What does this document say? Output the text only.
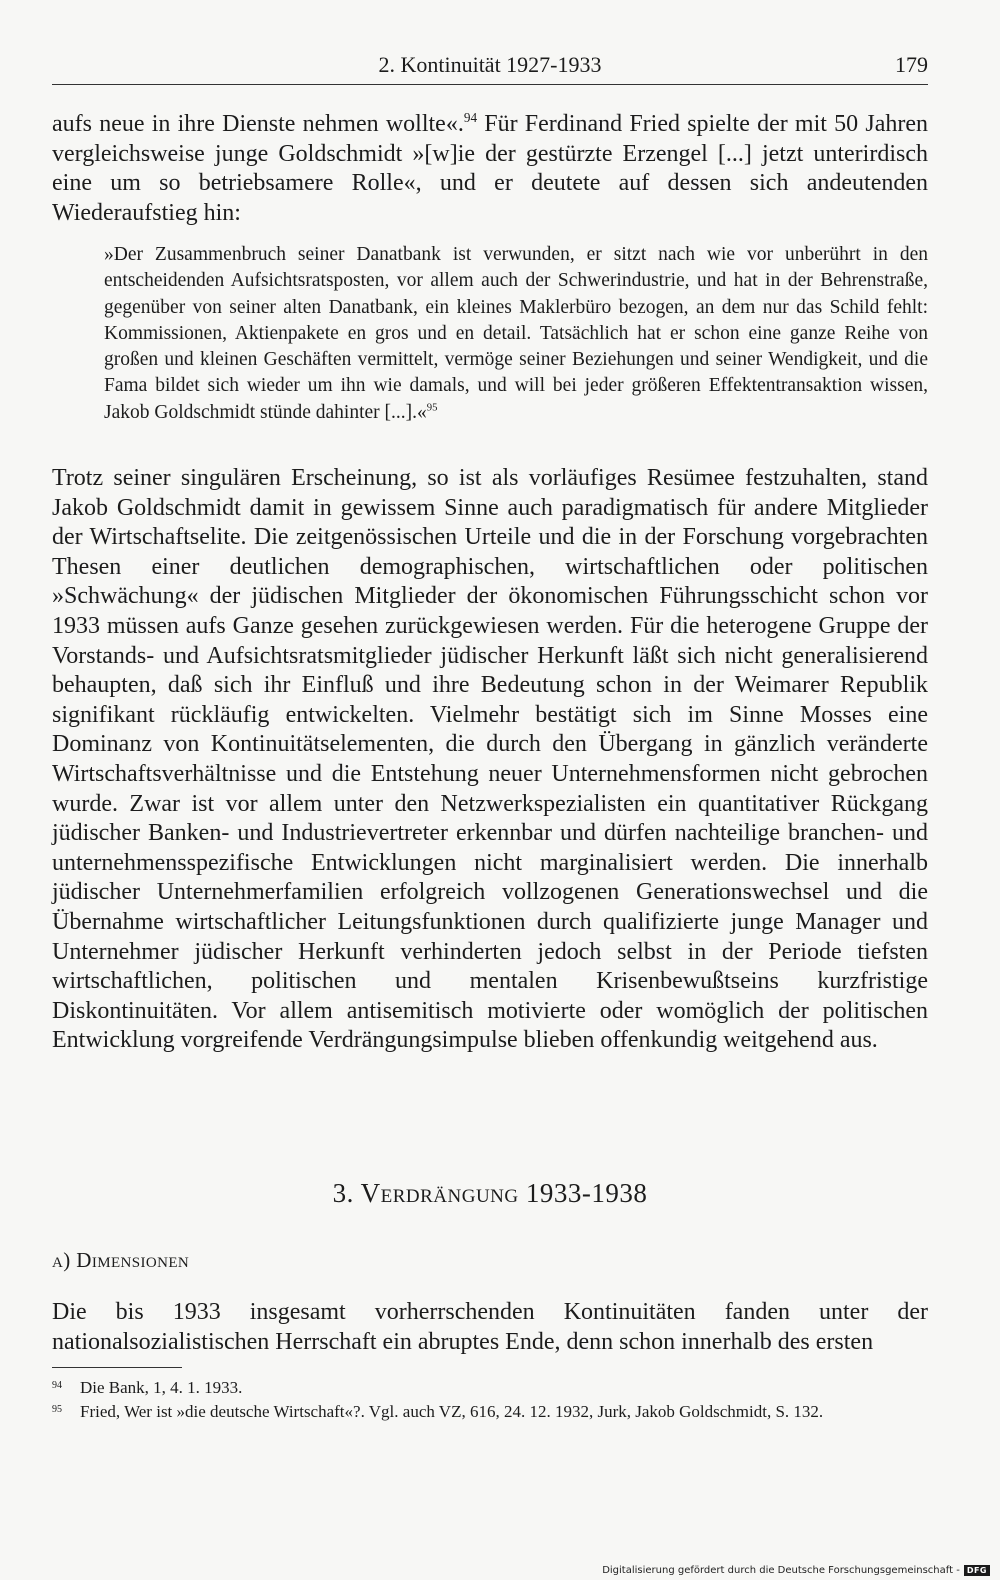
2. Kontinuität 1927-1933	179

aufs neue in ihre Dienste nehmen wollte«.$^{94}$ Für Ferdinand Fried spielte der mit 50 Jahren vergleichsweise junge Goldschmidt »[w]ie der gestürzte Erzengel [...] jetzt unterirdisch eine um so betriebsamere Rolle«, und er deutete auf dessen sich andeutenden Wiederaufstieg hin:

»Der Zusammenbruch seiner Danatbank ist verwunden, er sitzt nach wie vor unberührt in den entscheidenden Aufsichtsratsposten, vor allem auch der Schwerindustrie, und hat in der Behrenstraße, gegenüber von seiner alten Danatbank, ein kleines Maklerbüro bezogen, an dem nur das Schild fehlt: Kommissionen, Aktienpakete en gros und en detail. Tatsächlich hat er schon eine ganze Reihe von großen und kleinen Geschäften vermittelt, vermöge seiner Beziehungen und seiner Wendigkeit, und die Fama bildet sich wieder um ihn wie damals, und will bei jeder größeren Effektentransaktion wissen, Jakob Goldschmidt stünde dahinter [...].«$^{95}$

Trotz seiner singulären Erscheinung, so ist als vorläufiges Resümee festzuhalten, stand Jakob Goldschmidt damit in gewissem Sinne auch paradigmatisch für andere Mitglieder der Wirtschaftselite. Die zeitgenössischen Urteile und die in der Forschung vorgebrachten Thesen einer deutlichen demographischen, wirtschaftlichen oder politischen »Schwächung« der jüdischen Mitglieder der ökonomischen Führungsschicht schon vor 1933 müssen aufs Ganze gesehen zurückgewiesen werden. Für die heterogene Gruppe der Vorstands- und Aufsichtsratsmitglieder jüdischer Herkunft läßt sich nicht generalisierend behaupten, daß sich ihr Einfluß und ihre Bedeutung schon in der Weimarer Republik signifikant rückläufig entwickelten. Vielmehr bestätigt sich im Sinne Mosses eine Dominanz von Kontinuitätselementen, die durch den Übergang in gänzlich veränderte Wirtschaftsverhältnisse und die Entstehung neuer Unternehmensformen nicht gebrochen wurde. Zwar ist vor allem unter den Netzwerkspezialisten ein quantitativer Rückgang jüdischer Banken- und Industrievertreter erkennbar und dürfen nachteilige branchen- und unternehmensspezifische Entwicklungen nicht marginalisiert werden. Die innerhalb jüdischer Unternehmerfamilien erfolgreich vollzogenen Generationswechsel und die Übernahme wirtschaftlicher Leitungsfunktionen durch qualifizierte junge Manager und Unternehmer jüdischer Herkunft verhinderten jedoch selbst in der Periode tiefsten wirtschaftlichen, politischen und mentalen Krisenbewußtseins kurzfristige Diskontinuitäten. Vor allem antisemitisch motivierte oder womöglich der politischen Entwicklung vorgreifende Verdrängungsimpulse blieben offenkundig weitgehend aus.

3. Verdrängung 1933-1938
a) Dimensionen

Die bis 1933 insgesamt vorherrschenden Kontinuitäten fanden unter der nationalsozialistischen Herrschaft ein abruptes Ende, denn schon innerhalb des ersten

94 Die Bank, 1, 4. 1. 1933.
95 Fried, Wer ist »die deutsche Wirtschaft«?. Vgl. auch VZ, 616, 24. 12. 1932, Jurk, Jakob Goldschmidt, S. 132.
Digitalisierung gefördert durch die Deutsche Forschungsgemeinschaft - DFG
